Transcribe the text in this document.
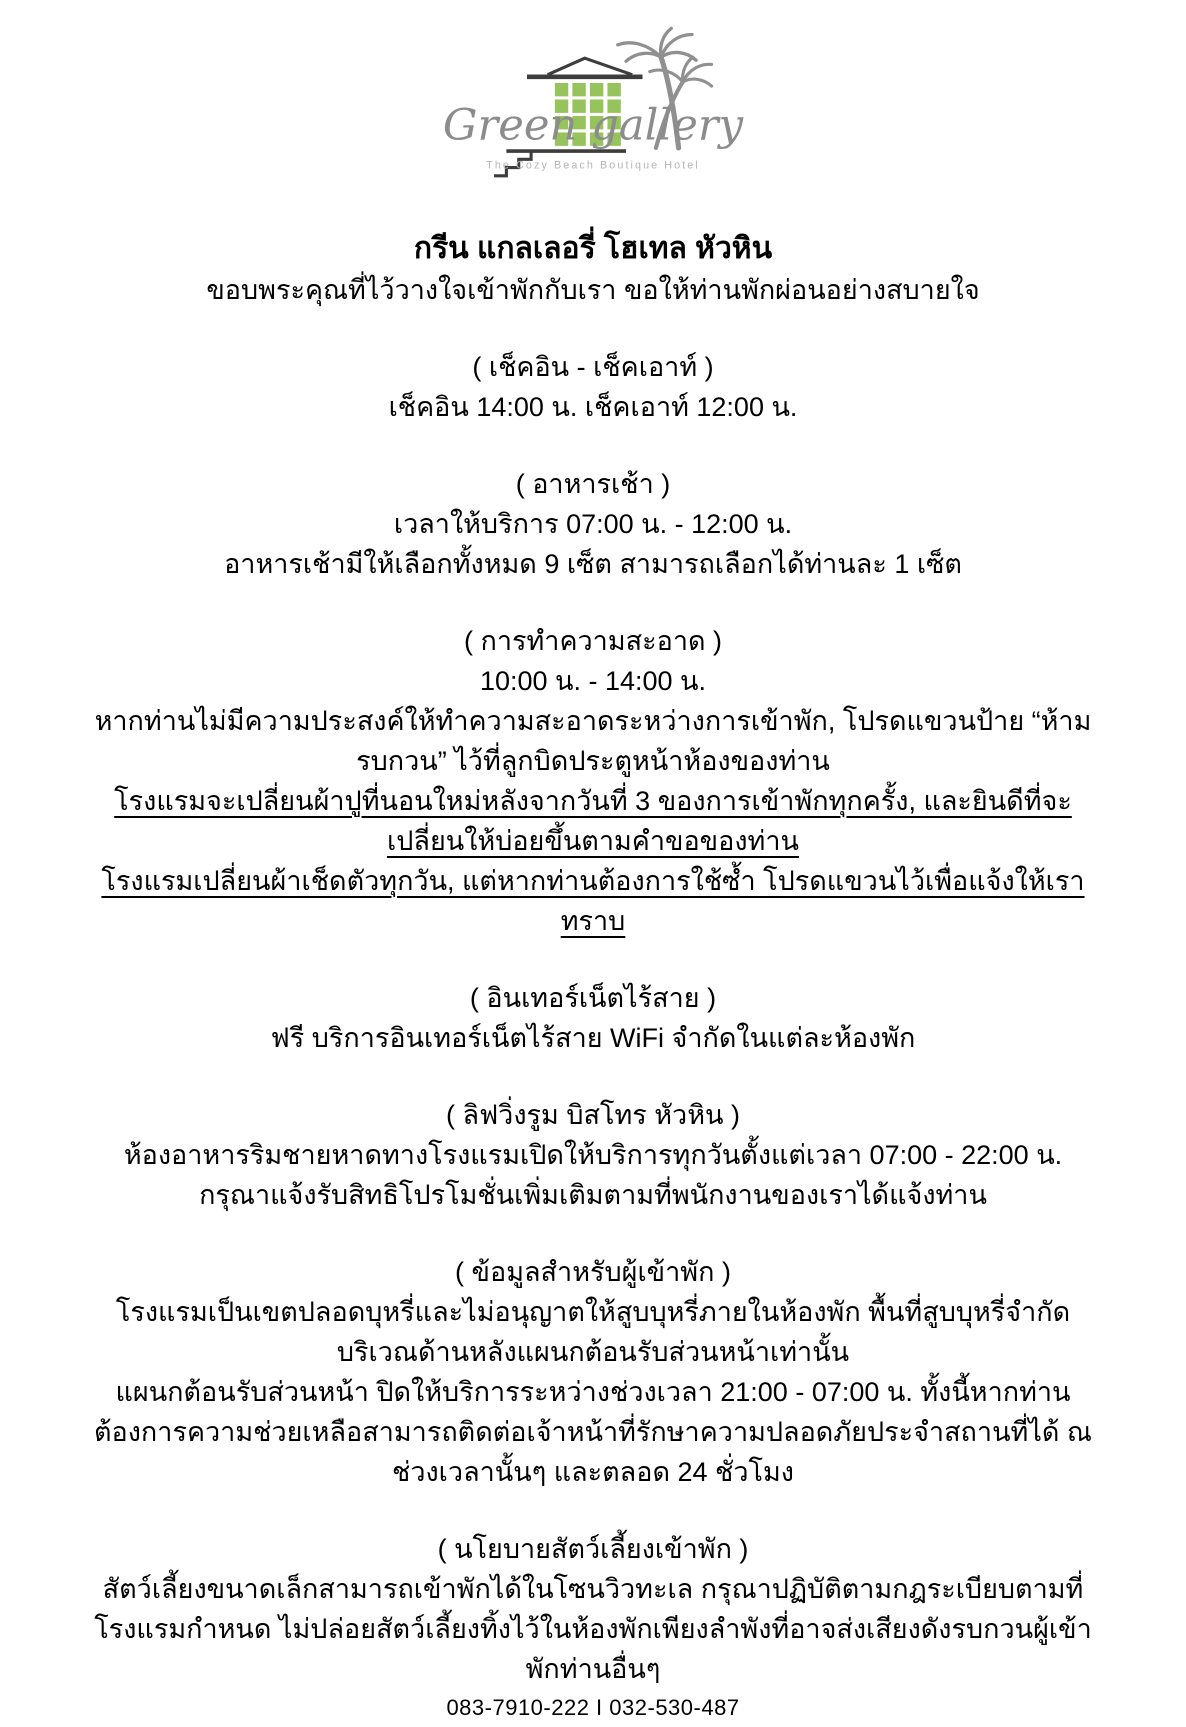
Green gallery
The Cozy Beach Boutique Hotel
กรีน แกลเลอรี่ โฮเทล หัวหิน

ขอบพระคุณที่ไว้วางใจเข้าพักกับเรา ขอให้ท่านพักผ่อนอย่างสบายใจ

( เช็คอิน - เช็คเอาท์ )

เช็คอิน 14:00 น. เช็คเอาท์ 12:00 น.

( อาหารเช้า )

เวลาให้บริการ 07:00 น. - 12:00 น.

อาหารเช้ามีให้เลือกทั้งหมด 9 เซ็ต สามารถเลือกได้ท่านละ 1 เซ็ต

( การทำความสะอาด )

10:00 น. - 14:00 น.

หากท่านไม่มีความประสงค์ให้ทำความสะอาดระหว่างการเข้าพัก, โปรดแขวนป้าย “ห้ามรบกวน” ไว้ที่ลูกบิดประตูหน้าห้องของท่าน

โรงแรมจะเปลี่ยนผ้าปูที่นอนใหม่หลังจากวันที่ 3 ของการเข้าพักทุกครั้ง, และยินดีที่จะเปลี่ยนให้บ่อยขึ้นตามคำขอของท่าน

โรงแรมเปลี่ยนผ้าเช็ดตัวทุกวัน, แต่หากท่านต้องการใช้ซ้ำ โปรดแขวนไว้เพื่อแจ้งให้เราทราบ

( อินเทอร์เน็ตไร้สาย )

ฟรี บริการอินเทอร์เน็ตไร้สาย WiFi จำกัดในแต่ละห้องพัก

( ลิฟวิ่งรูม บิสโทร หัวหิน )

ห้องอาหารริมชายหาดทางโรงแรมเปิดให้บริการทุกวันตั้งแต่เวลา 07:00 - 22:00 น.

กรุณาแจ้งรับสิทธิโปรโมชั่นเพิ่มเติมตามที่พนักงานของเราได้แจ้งท่าน

( ข้อมูลสำหรับผู้เข้าพัก )

โรงแรมเป็นเขตปลอดบุหรี่และไม่อนุญาตให้สูบบุหรี่ภายในห้องพัก พื้นที่สูบบุหรี่จำกัดบริเวณด้านหลังแผนกต้อนรับส่วนหน้าเท่านั้น

แผนกต้อนรับส่วนหน้า ปิดให้บริการระหว่างช่วงเวลา 21:00 - 07:00 น. ทั้งนี้หากท่านต้องการความช่วยเหลือสามารถติดต่อเจ้าหน้าที่รักษาความปลอดภัยประจำสถานที่ได้ ณ ช่วงเวลานั้นๆ และตลอด 24 ชั่วโมง

( นโยบายสัตว์เลี้ยงเข้าพัก )

สัตว์เลี้ยงขนาดเล็กสามารถเข้าพักได้ในโซนวิวทะเล กรุณาปฏิบัติตามกฎระเบียบตามที่โรงแรมกำหนด ไม่ปล่อยสัตว์เลี้ยงทิ้งไว้ในห้องพักเพียงลำพังที่อาจส่งเสียงดังรบกวนผู้เข้าพักท่านอื่นๆ

083-7910-222 I 032-530-487
